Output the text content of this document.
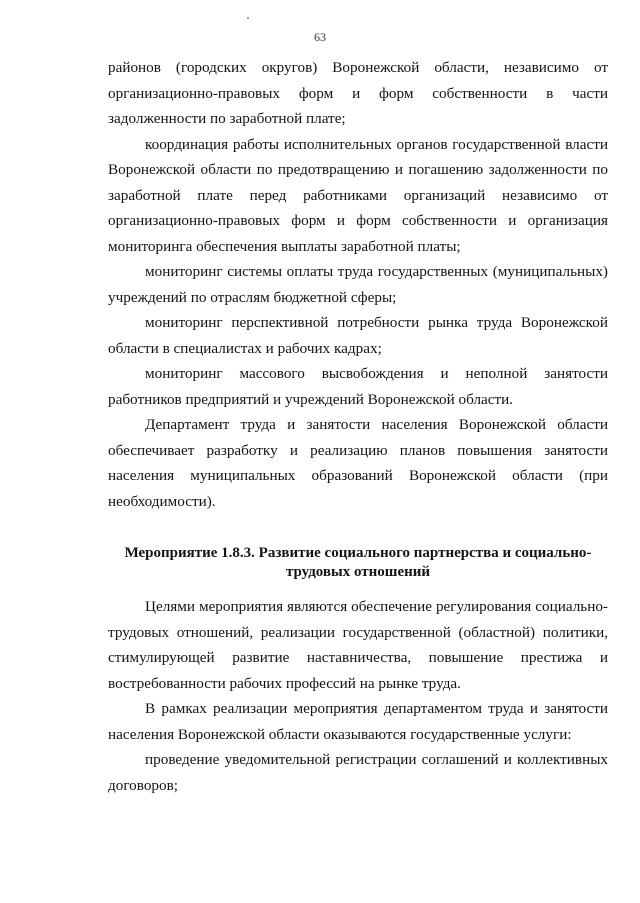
63

районов (городских округов) Воронежской области, независимо от организационно-правовых форм и форм собственности в части задолженности по заработной плате;

координация работы исполнительных органов государственной власти Воронежской области по предотвращению и погашению задолженности по заработной плате перед работниками организаций независимо от организационно-правовых форм и форм собственности и организация мониторинга обеспечения выплаты заработной платы;

мониторинг системы оплаты труда государственных (муниципальных) учреждений по отраслям бюджетной сферы;

мониторинг перспективной потребности рынка труда Воронежской области в специалистах и рабочих кадрах;

мониторинг массового высвобождения и неполной занятости работников предприятий и учреждений Воронежской области.

Департамент труда и занятости населения Воронежской области обеспечивает разработку и реализацию планов повышения занятости населения муниципальных образований Воронежской области (при необходимости).

Мероприятие 1.8.3. Развитие социального партнерства и социально-

трудовых отношений

Целями мероприятия являются обеспечение регулирования социально-трудовых отношений, реализации государственной (областной) политики, стимулирующей развитие наставничества, повышение престижа и востребованности рабочих профессий на рынке труда.

В рамках реализации мероприятия департаментом труда и занятости населения Воронежской области оказываются государственные услуги:

проведение уведомительной регистрации соглашений и коллективных договоров;
